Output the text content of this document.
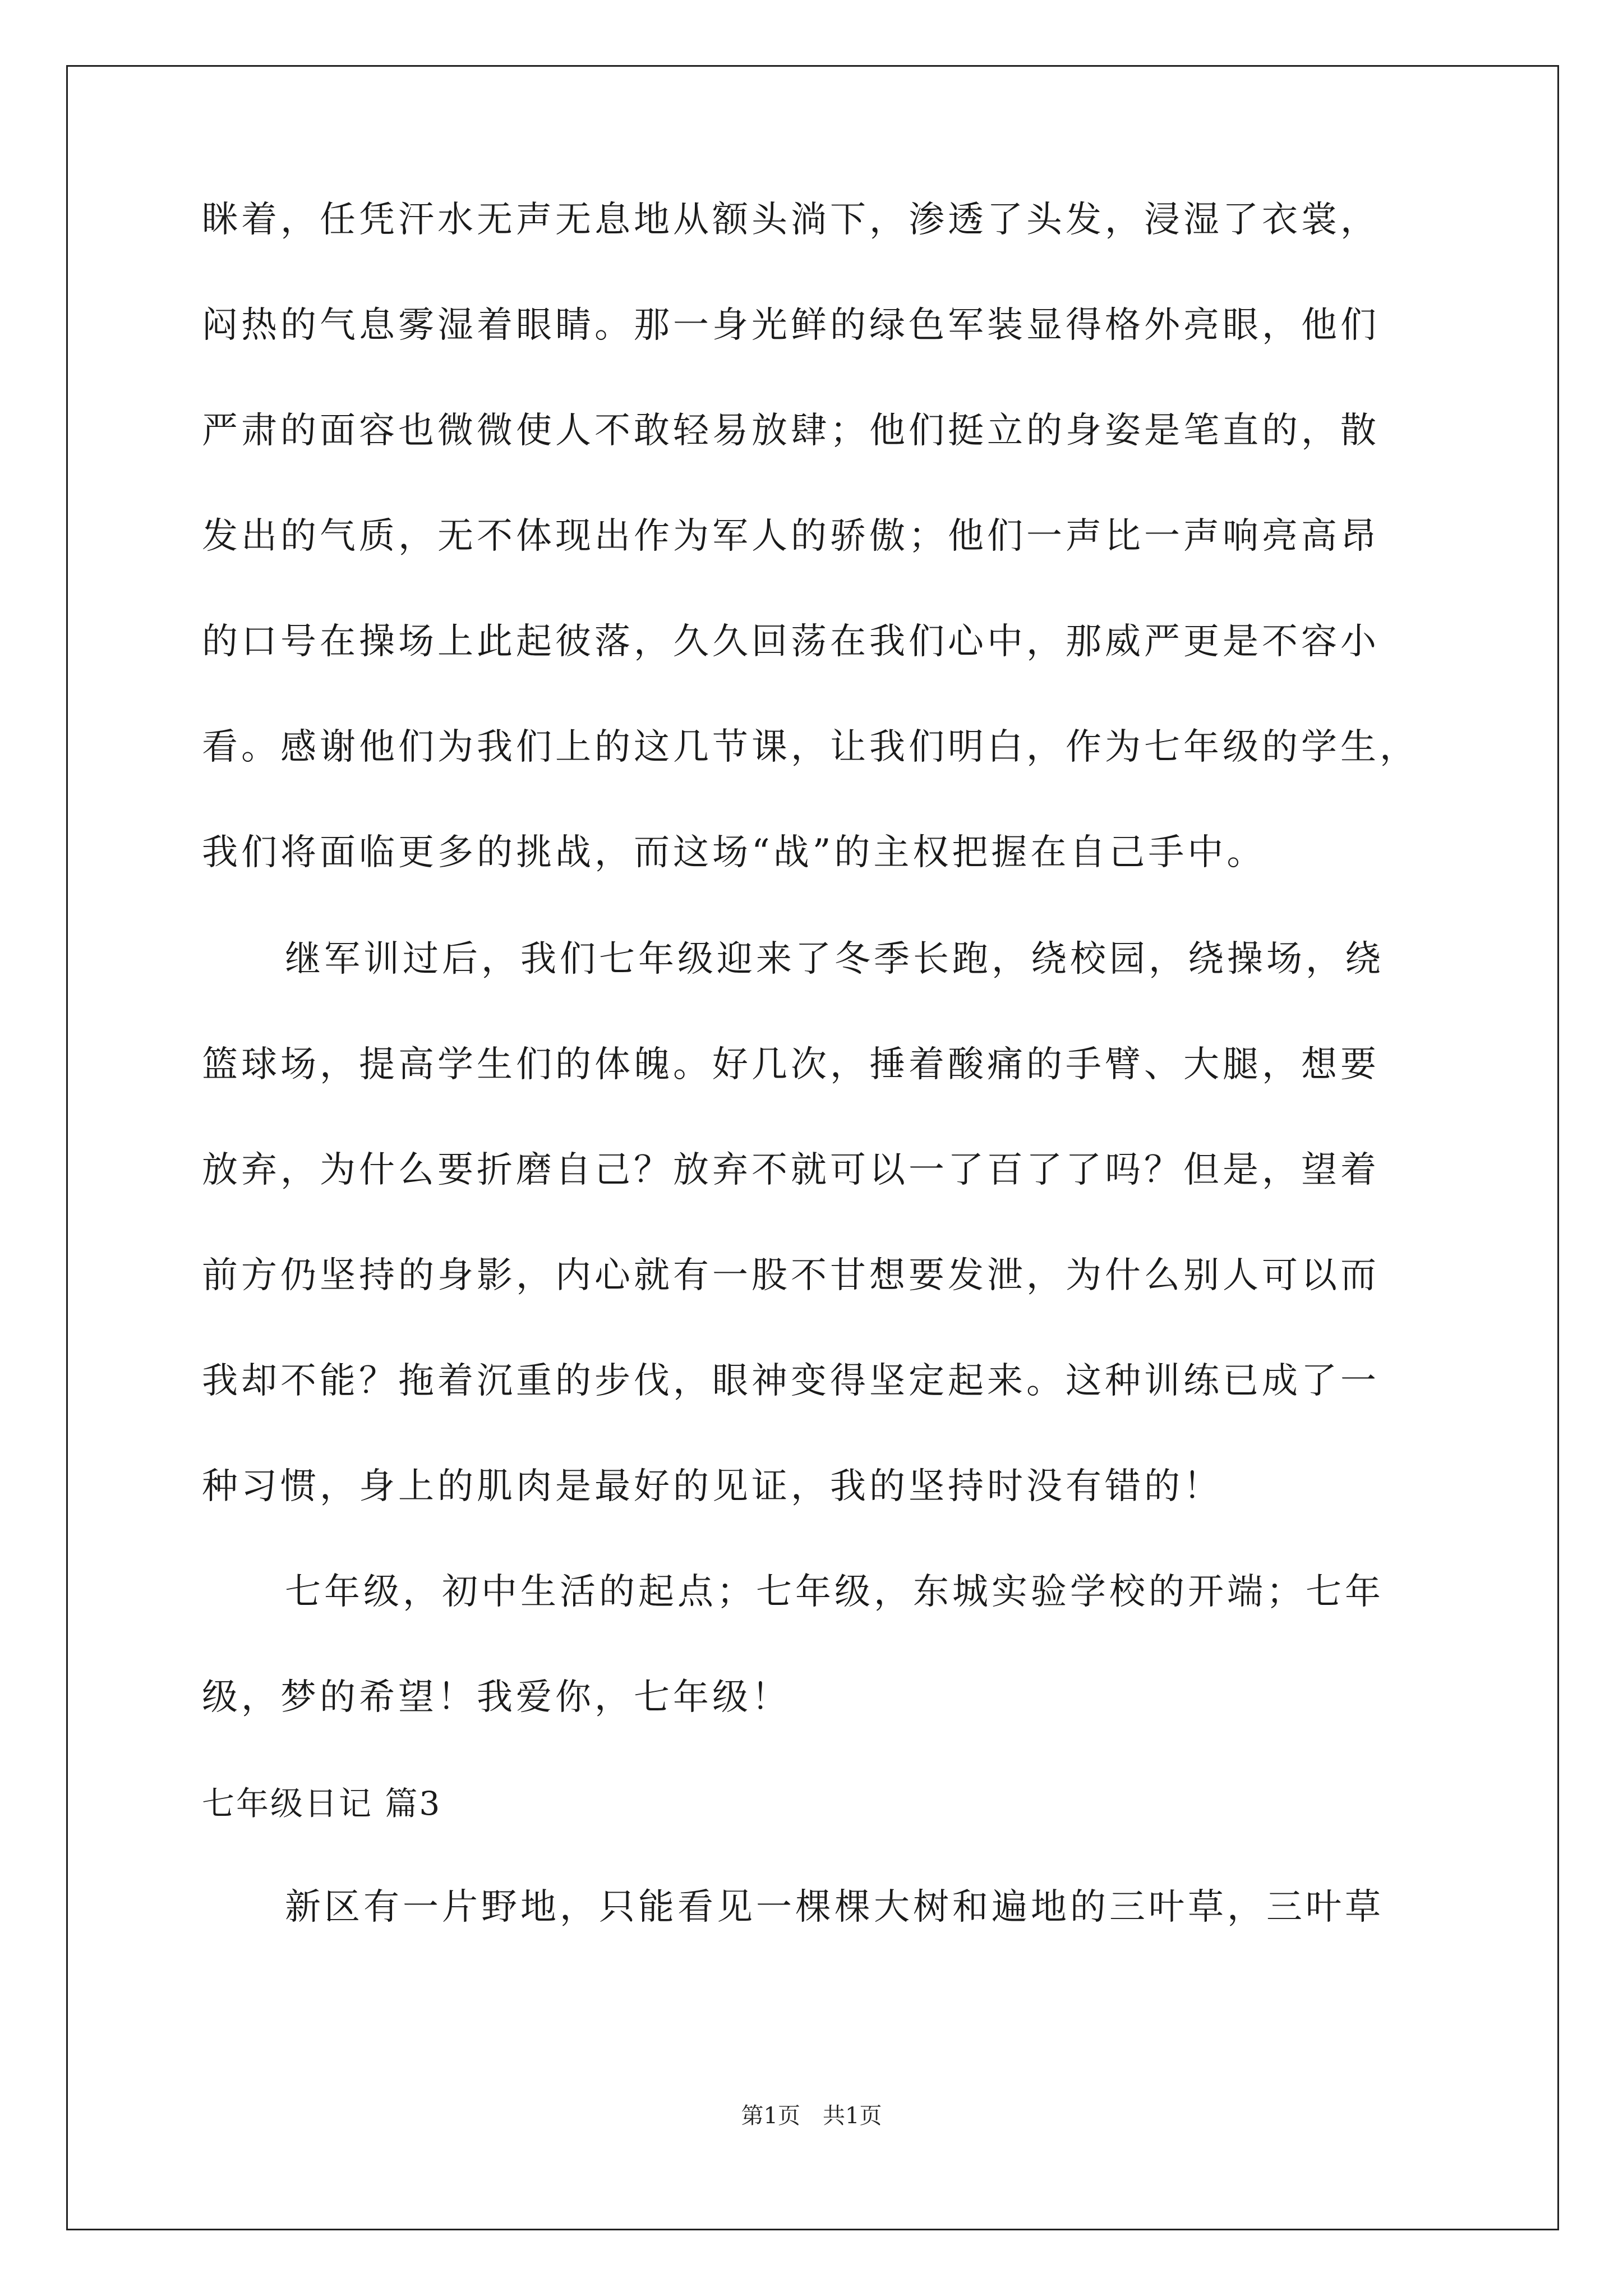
眯着，任凭汗水无声无息地从额头淌下，渗透了头发，浸湿了衣裳，
闷热的气息雾湿着眼睛。那一身光鲜的绿色军装显得格外亮眼，他们
严肃的面容也微微使人不敢轻易放肆；他们挺立的身姿是笔直的，散
发出的气质，无不体现出作为军人的骄傲；他们一声比一声响亮高昂
的口号在操场上此起彼落，久久回荡在我们心中，那威严更是不容小
看。感谢他们为我们上的这几节课，让我们明白，作为七年级的学生，
我们将面临更多的挑战，而这场“战”的主权把握在自己手中。
继军训过后，我们七年级迎来了冬季长跑，绕校园，绕操场，绕
篮球场，提高学生们的体魄。好几次，捶着酸痛的手臂、大腿，想要
放弃，为什么要折磨自己？放弃不就可以一了百了了吗？但是，望着
前方仍坚持的身影，内心就有一股不甘想要发泄，为什么别人可以而
我却不能？拖着沉重的步伐，眼神变得坚定起来。这种训练已成了一
种习惯，身上的肌肉是最好的见证，我的坚持时没有错的！
七年级，初中生活的起点；七年级，东城实验学校的开端；七年
级，梦的希望！我爱你，七年级！
七年级日记 篇3
新区有一片野地，只能看见一棵棵大树和遍地的三叶草，三叶草
第1页　共1页
